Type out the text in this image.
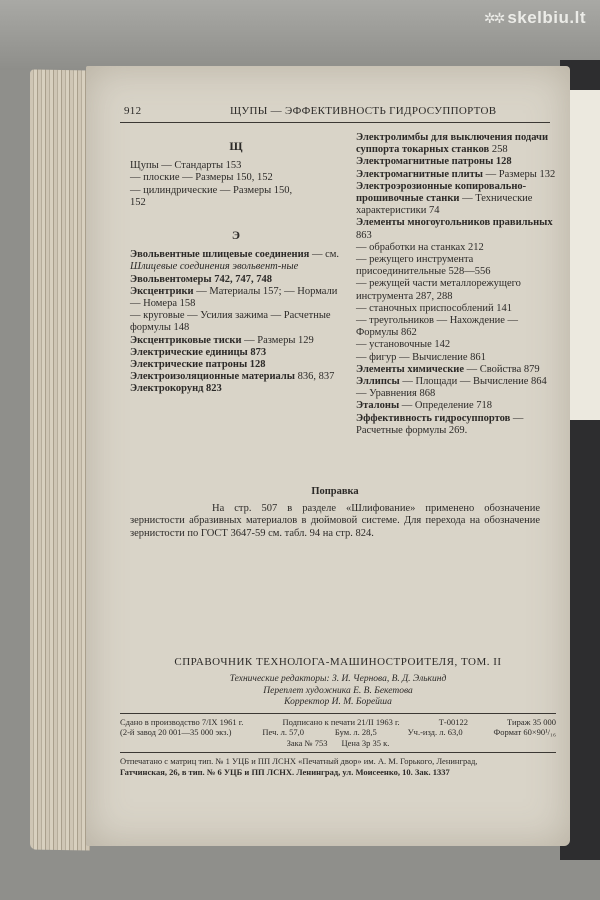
✲✲ skelbiu.lt
912	ЩУПЫ — ЭФФЕКТИВНОСТЬ ГИДРОСУППОРТОВ
Щ

Щупы — Стандарты 153

— плоские — Размеры 150, 152

— цилиндрические — Размеры 150,

152

Э

Эвольвентные шлицевые соединения — см. Шлицевые соединения эвольвент-ные

Эвольвентомеры 742, 747, 748

Эксцентрики — Материалы 157; — Нормали — Номера 158

— круговые — Усилия зажима — Расчетные формулы 148

Эксцентриковые тиски — Размеры 129

Электрические единицы 873

Электрические патроны 128

Электроизоляционные материалы 836, 837

Электрокорунд 823

Электролимбы для выключения подачи суппорта токарных станков 258

Электромагнитные патроны 128

Электромагнитные плиты — Размеры 132

Электроэрозионные копировально-прошивочные станки — Технические характеристики 74

Элементы многоугольников правильных 863

— обработки на станках 212

— режущего инструмента присоединительные 528—556

— режущей части металлорежущего инструмента 287, 288

— станочных приспособлений 141

— треугольников — Нахождение — Формулы 862

— установочные 142

— фигур — Вычисление 861

Элементы химические — Свойства 879

Эллипсы — Площади — Вычисление 864

— Уравнения 868

Эталоны — Определение 718

Эффективность гидросуппортов — Расчетные формулы 269.

Поправка
На стр. 507 в разделе «Шлифование» применено обозначение зернистости абразивных материалов в дюймовой системе. Для перехода на обозначение зернистости по ГОСТ 3647-59 см. табл. 94 на стр. 824.
СПРАВОЧНИК ТЕХНОЛОГА-МАШИНОСТРОИТЕЛЯ, ТОМ. II
Технические редакторы: З. И. Чернова, В. Д. Элькинд
Переплет художника Е. В. Бекетова
Корректор И. М. Борейша
Сдано в производство 7/IX 1961 г.	Подписано к печати 21/II 1963 г.	Т-00122	Тираж 35 000
(2-й завод 20 001—35 000 экз.)	Печ. л. 57,0	Бум. л. 28,5	Уч.-изд. л. 63,0	Формат 60×90¹/₁₆
Зака № 753 Цена 3р 35 к.
Отпечатано с матриц тип. № 1 УЦБ и ПП ЛСНХ «Печатный двор» им. А. М. Горького, Ленинград,
Гатчинская, 26, в тип. № 6 УЦБ и ПП ЛСНХ. Ленинград, ул. Моисеенко, 10. Зак. 1337
